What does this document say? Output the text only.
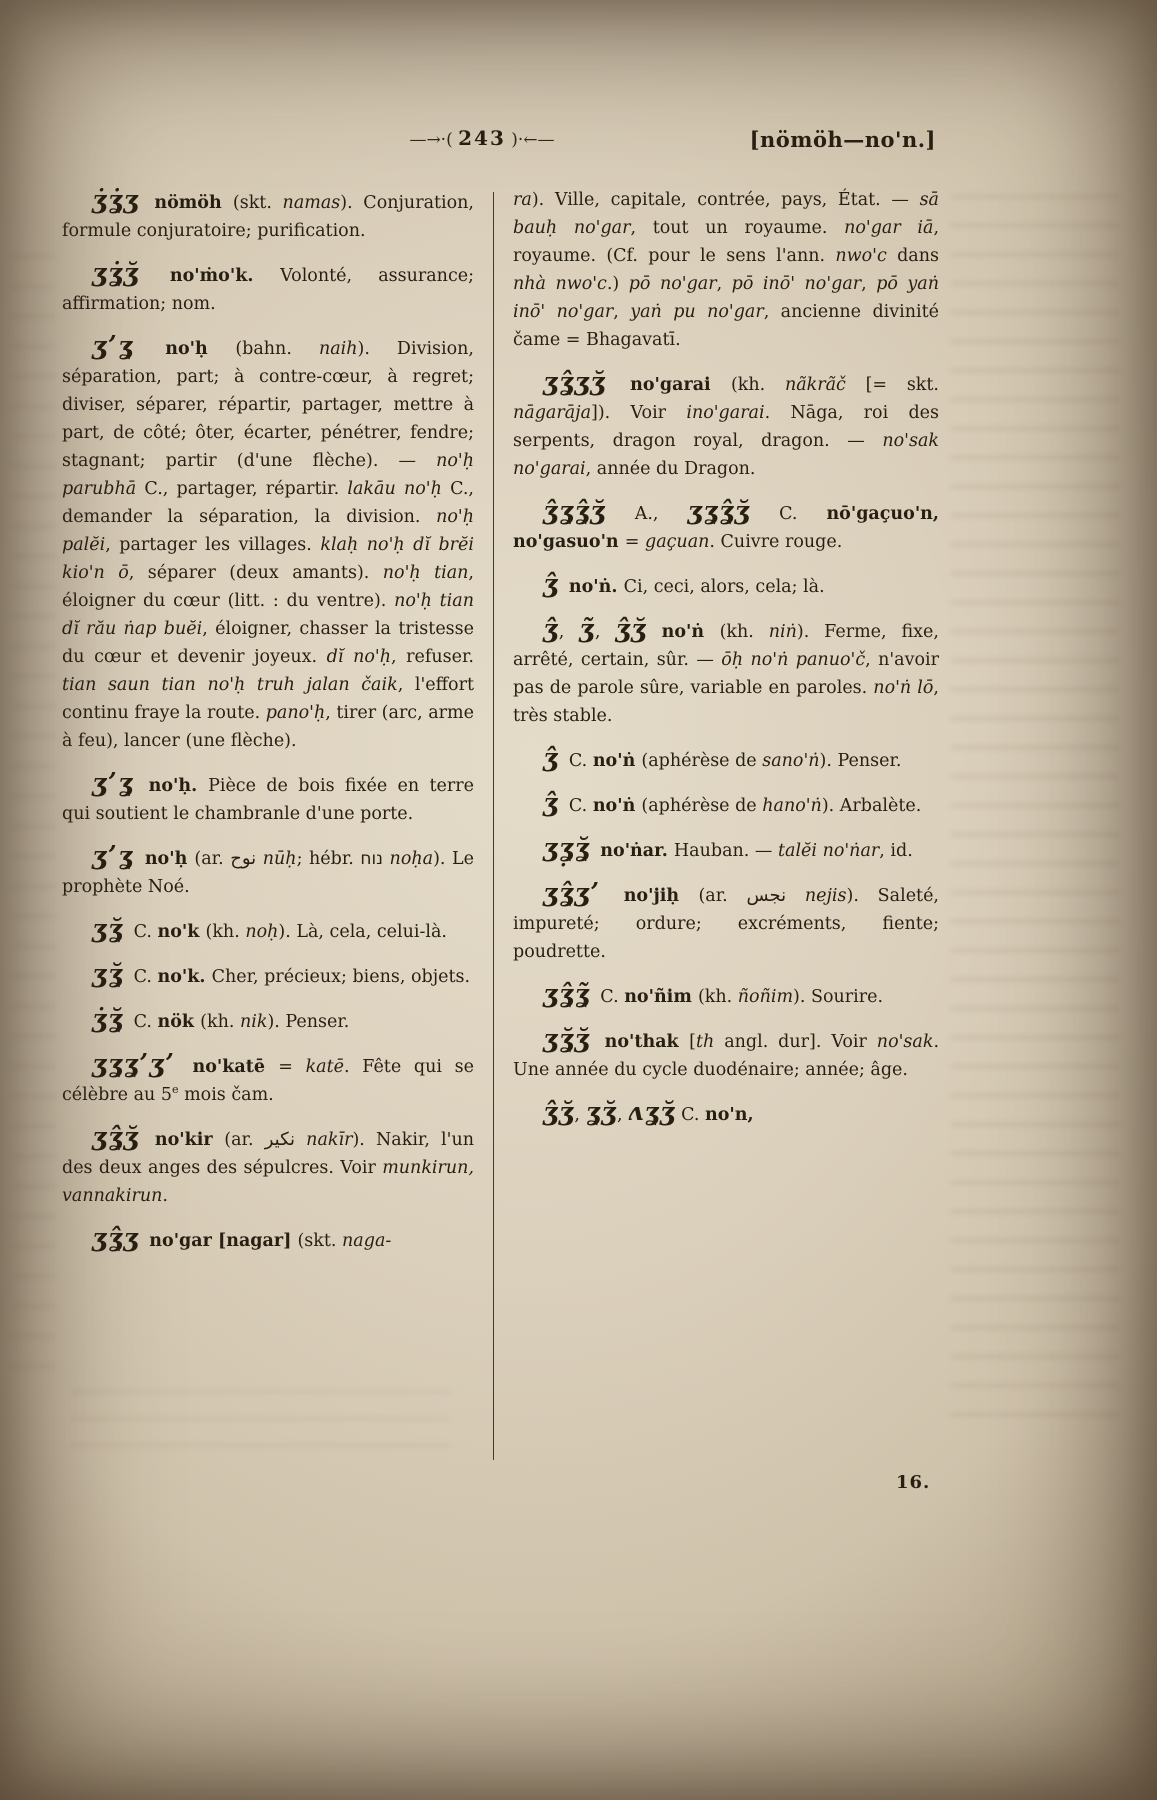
—→·( 243 )·←—	[nömöh—no'n.]

ʒ̇ʓ̇ʒ nömöh (skt. namas). Conjuration, formule conjuratoire; purification.

ʒʓ̇ʒ̆ no'ṁo'k. Volonté, assurance; affirmation; nom.

ʒʼʓ no'ḥ (bahn. naih). Division, séparation, part; à contre-cœur, à regret; diviser, séparer, répartir, partager, mettre à part, de côté; ôter, écarter, pénétrer, fendre; stagnant; partir (d'une flèche). — no'ḥ parubhā C., partager, répartir. lakāu no'ḥ C., demander la séparation, la division. no'ḥ palĕi, partager les villages. klaḥ no'ḥ dĭ brĕi kio'n ō, séparer (deux amants). no'ḥ tian, éloigner du cœur (litt. : du ventre). no'ḥ tian dĭ rău ṅap buĕi, éloigner, chasser la tristesse du cœur et devenir joyeux. dĭ no'ḥ, refuser. tian saun tian no'ḥ truh jalan čaik, l'effort continu fraye la route. pano'ḥ, tirer (arc, arme à feu), lancer (une flèche).

ʒʼʓ no'ḥ. Pièce de bois fixée en terre qui soutient le chambranle d'une porte.

ʒʼʓ no'ḥ (ar. نوح nūḥ; hébr. נוח noḥa). Le prophète Noé.

ʒʓ̆ C. no'k (kh. noḥ). Là, cela, celui-là.

ʒʓ̆ C. no'k. Cher, précieux; biens, objets.

ʒ̇ʓ̆ C. nök (kh. nik). Penser.

ʒʓʓʼʒʼ no'katē = katē. Fête qui se célèbre au 5e mois čam.

ʒʓ̂ʒ̆ no'kir (ar. نكير nakīr). Nakir, l'un des deux anges des sépulcres. Voir munkirun, vannakirun.

ʒʓ̂ʒ no'gar [nagar] (skt. naga-

ra). Ville, capitale, contrée, pays, État. — sā bauḥ no'gar, tout un royaume. no'gar iā, royaume. (Cf. pour le sens l'ann. nwo'c dans nhà nwo'c.) pō no'gar, pō inō' no'gar, pō yaṅ inō' no'gar, yaṅ pu no'gar, ancienne divinité čame = Bhagavatī.

ʒʓ̂ʒʒ̆ no'garai (kh. nãkrãč [= skt. nāgarāja]). Voir ino'garai. Nāga, roi des serpents, dragon royal, dragon. — no'sak no'garai, année du Dragon.

ʒ̂ʓʓ̂ʒ̆ A., ʒʓʓ̂ʒ̆ C. nō'gaçuo'n, no'gasuo'n = gaçuan. Cuivre rouge.

ʒ̂ no'ṅ. Ci, ceci, alors, cela; là.

ʒ̂, ʒ̃, ʒ̂ʒ̆ no'ṅ (kh. niṅ). Ferme, fixe, arrêté, certain, sûr. — ōḥ no'ṅ panuo'č, n'avoir pas de parole sûre, variable en paroles. no'ṅ lō, très stable.

ʒ̂ C. no'ṅ (aphérèse de sano'ṅ). Penser.

ʒ̂ C. no'ṅ (aphérèse de hano'ṅ). Arbalète.

ʒʓ̣ʓ̆ no'ṅar. Hauban. — talĕi no'ṅar, id.

ʒʓ̂ʒʼ no'jiḥ (ar. نجس nejis). Saleté, impureté; ordure; excréments, fiente; poudrette.

ʒʓ̂ʓ̃ C. no'ñim (kh. ñoñim). Sourire.

ʒʓ̆ʒ̆ no'thak [th angl. dur]. Voir no'sak. Une année du cycle duodénaire; année; âge.

ʒ̂ʒ̆, ʓʒ̆, ʌʓʒ̆ C. no'n,

16.
